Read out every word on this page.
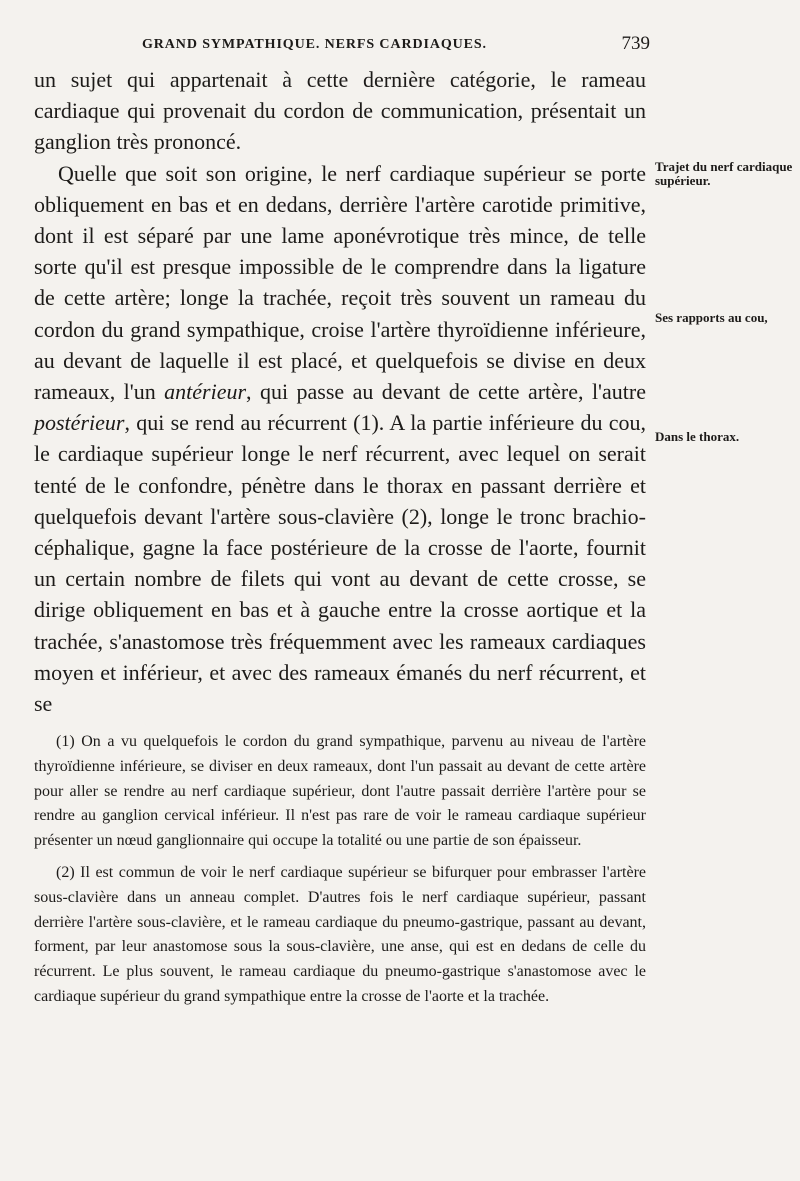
GRAND SYMPATHIQUE. NERFS CARDIAQUES.	739

un sujet qui appartenait à cette dernière catégorie, le rameau cardiaque qui provenait du cordon de communication, présentait un ganglion très prononcé.

Quelle que soit son origine, le nerf cardiaque supérieur se porte obliquement en bas et en dedans, derrière l'artère carotide primitive, dont il est séparé par une lame aponévrotique très mince, de telle sorte qu'il est presque impossible de le comprendre dans la ligature de cette artère; longe la trachée, reçoit très souvent un rameau du cordon du grand sympathique, croise l'artère thyroïdienne inférieure, au devant de laquelle il est placé, et quelquefois se divise en deux rameaux, l'un antérieur, qui passe au devant de cette artère, l'autre postérieur, qui se rend au récurrent (1). A la partie inférieure du cou, le cardiaque supérieur longe le nerf récurrent, avec lequel on serait tenté de le confondre, pénètre dans le thorax en passant derrière et quelquefois devant l'artère sous-clavière (2), longe le tronc brachio-céphalique, gagne la face postérieure de la crosse de l'aorte, fournit un certain nombre de filets qui vont au devant de cette crosse, se dirige obliquement en bas et à gauche entre la crosse aortique et la trachée, s'anastomose très fréquemment avec les rameaux cardiaques moyen et inférieur, et avec des rameaux émanés du nerf récurrent, et se

Trajet du nerf cardiaque supérieur.
Ses rapports au cou,
Dans le thorax.

(1) On a vu quelquefois le cordon du grand sympathique, parvenu au niveau de l'artère thyroïdienne inférieure, se diviser en deux rameaux, dont l'un passait au devant de cette artère pour aller se rendre au nerf cardiaque supérieur, dont l'autre passait derrière l'artère pour se rendre au ganglion cervical inférieur. Il n'est pas rare de voir le rameau cardiaque supérieur présenter un nœud ganglionnaire qui occupe la totalité ou une partie de son épaisseur.

(2) Il est commun de voir le nerf cardiaque supérieur se bifurquer pour embrasser l'artère sous-clavière dans un anneau complet. D'autres fois le nerf cardiaque supérieur, passant derrière l'artère sous-clavière, et le rameau cardiaque du pneumo-gastrique, passant au devant, forment, par leur anastomose sous la sous-clavière, une anse, qui est en dedans de celle du récurrent. Le plus souvent, le rameau cardiaque du pneumo-gastrique s'anastomose avec le cardiaque supérieur du grand sympathique entre la crosse de l'aorte et la trachée.
